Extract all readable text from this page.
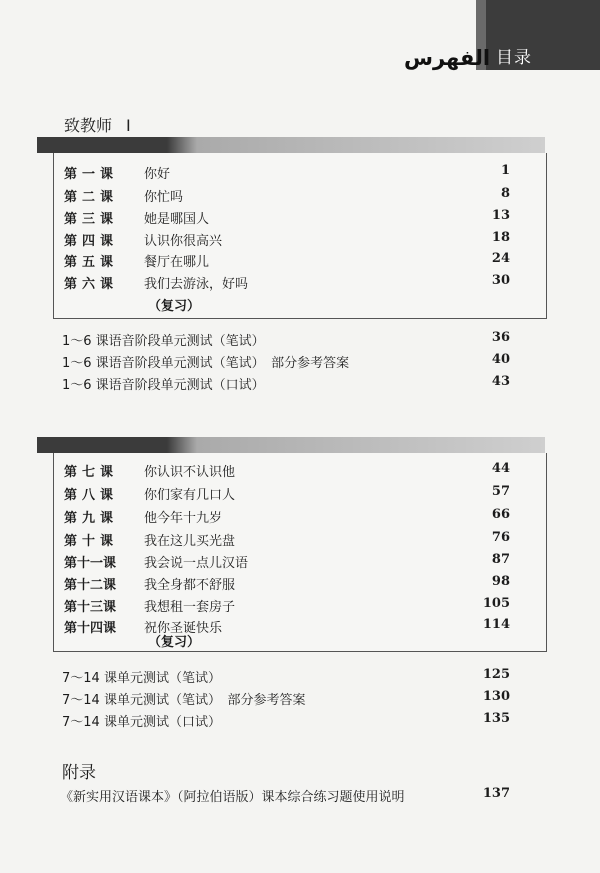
目录
الفهرس
致教师 I
第一课 你好	1
第二课 你忙吗	8
第三课 她是哪国人	13
第四课 认识你很高兴	18
第五课 餐厅在哪儿	24
第六课 我们去游泳，好吗	30
（复习）
1～6 课语音阶段单元测试（笔试）	36
1～6 课语音阶段单元测试（笔试）　部分参考答案	40
1～6 课语音阶段单元测试（口试）	43
第七课 你认识不认识他	44
第八课 你们家有几口人	57
第九课 他今年十九岁	66
第十课 我在这儿买光盘	76
第十一课 我会说一点儿汉语	87
第十二课 我全身都不舒服	98
第十三课 我想租一套房子	105
第十四课 祝你圣诞快乐	114
（复习）
7～14 课单元测试（笔试）	125
7～14 课单元测试（笔试）　部分参考答案	130
7～14 课单元测试（口试）	135
附录
《新实用汉语课本》（阿拉伯语版）课本综合练习题使用说明	137
